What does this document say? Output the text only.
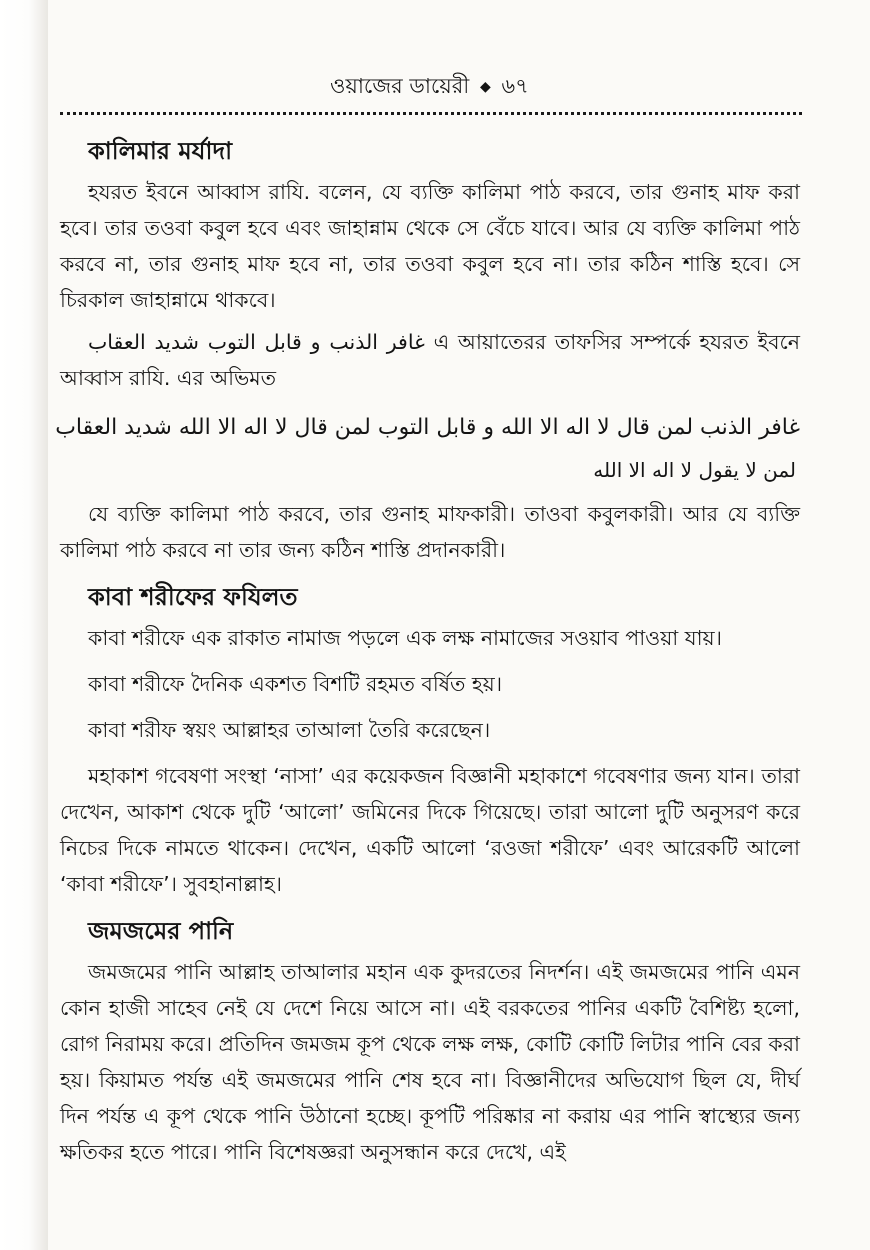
ওয়াজের ডায়েরী ◆ ৬৭
কালিমার মর্যাদা

হযরত ইবনে আব্বাস রাযি. বলেন, যে ব্যক্তি কালিমা পাঠ করবে, তার গুনাহ মাফ করা হবে। তার তওবা কবুল হবে এবং জাহান্নাম থেকে সে বেঁচে যাবে। আর যে ব্যক্তি কালিমা পাঠ করবে না, তার গুনাহ মাফ হবে না, তার তওবা কবুল হবে না। তার কঠিন শাস্তি হবে। সে চিরকাল জাহান্নামে থাকবে।

غافر الذنب و قابل التوب شديد العقاب এ আয়াতেরর তাফসির সম্পর্কে হযরত ইবনে আব্বাস রাযি. এর অভিমত

غافر الذنب لمن قال لا اله الا الله و قابل التوب لمن قال لا اله الا الله شديد العقاب
لمن لا يقول لا اله الا الله

যে ব্যক্তি কালিমা পাঠ করবে, তার গুনাহ মাফকারী। তাওবা কবুলকারী। আর যে ব্যক্তি কালিমা পাঠ করবে না তার জন্য কঠিন শাস্তি প্রদানকারী।

কাবা শরীফের ফযিলত

কাবা শরীফে এক রাকাত নামাজ পড়লে এক লক্ষ নামাজের সওয়াব পাওয়া যায়।

কাবা শরীফে দৈনিক একশত বিশটি রহমত বর্ষিত হয়।

কাবা শরীফ স্বয়ং আল্লাহর তাআলা তৈরি করেছেন।

মহাকাশ গবেষণা সংস্থা ‘নাসা’ এর কয়েকজন বিজ্ঞানী মহাকাশে গবেষণার জন্য যান। তারা দেখেন, আকাশ থেকে দুটি ‘আলো’ জমিনের দিকে গিয়েছে। তারা আলো দুটি অনুসরণ করে নিচের দিকে নামতে থাকেন। দেখেন, একটি আলো ‘রওজা শরীফে’ এবং আরেকটি আলো ‘কাবা শরীফে’। সুবহানাল্লাহ।

জমজমের পানি

জমজমের পানি আল্লাহ তাআলার মহান এক কুদরতের নিদর্শন। এই জমজমের পানি এমন কোন হাজী সাহেব নেই যে দেশে নিয়ে আসে না। এই বরকতের পানির একটি বৈশিষ্ট্য হলো, রোগ নিরাময় করে। প্রতিদিন জমজম কূপ থেকে লক্ষ লক্ষ, কোটি কোটি লিটার পানি বের করা হয়। কিয়ামত পর্যন্ত এই জমজমের পানি শেষ হবে না। বিজ্ঞানীদের অভিযোগ ছিল যে, দীর্ঘ দিন পর্যন্ত এ কূপ থেকে পানি উঠানো হচ্ছে। কূপটি পরিষ্কার না করায় এর পানি স্বাস্থ্যের জন্য ক্ষতিকর হতে পারে। পানি বিশেষজ্ঞরা অনুসন্ধান করে দেখে, এই
